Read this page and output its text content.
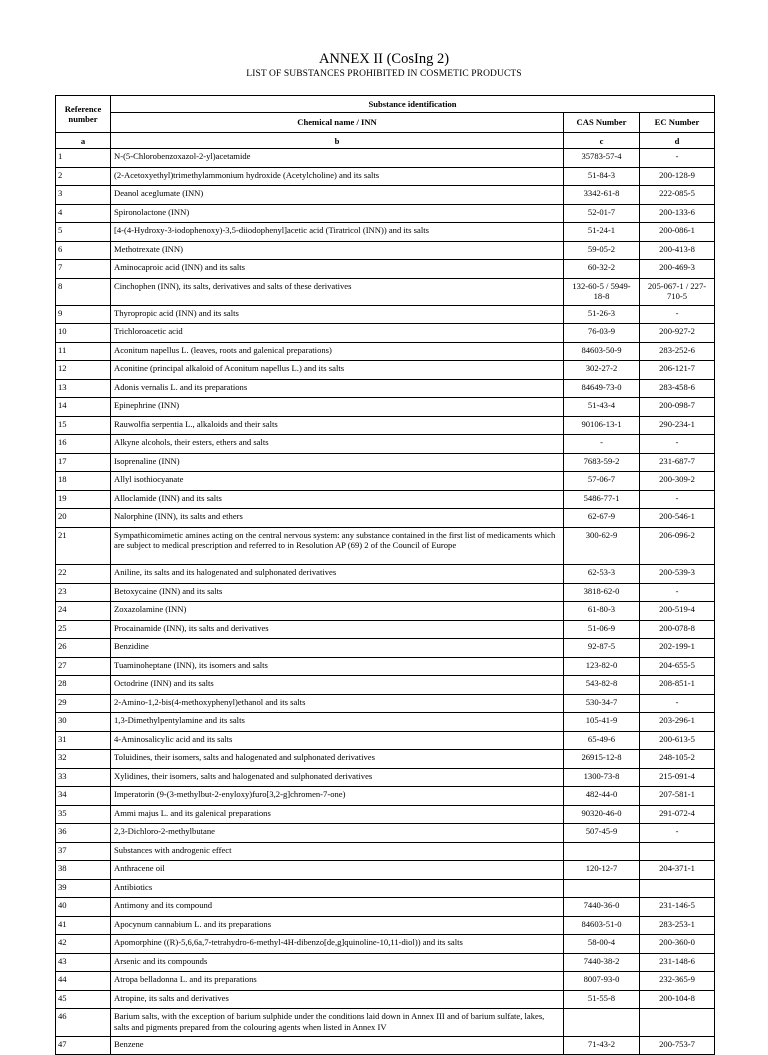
ANNEX II (CosIng 2)
LIST OF SUBSTANCES PROHIBITED IN COSMETIC PRODUCTS
Reference number	Substance identification		
	Chemical name / INN	CAS Number	EC Number
a	b	c	d
1	N-(5-Chlorobenzoxazol-2-yl)acetamide	35783-57-4	-
2	(2-Acetoxyethyl)trimethylammonium hydroxide (Acetylcholine) and its salts	51-84-3	200-128-9
3	Deanol aceglumate (INN)	3342-61-8	222-085-5
4	Spironolactone (INN)	52-01-7	200-133-6
5	[4-(4-Hydroxy-3-iodophenoxy)-3,5-diiodophenyl]acetic acid (Tiratricol (INN)) and its salts	51-24-1	200-086-1
6	Methotrexate (INN)	59-05-2	200-413-8
7	Aminocaproic acid (INN) and its salts	60-32-2	200-469-3
8	Cinchophen (INN), its salts, derivatives and salts of these derivatives	132-60-5 / 5949-18-8	205-067-1 / 227-710-5
9	Thyropropic acid (INN) and its salts	51-26-3	-
10	Trichloroacetic acid	76-03-9	200-927-2
11	Aconitum napellus L. (leaves, roots and galenical preparations)	84603-50-9	283-252-6
12	Aconitine (principal alkaloid of Aconitum napellus L.) and its salts	302-27-2	206-121-7
13	Adonis vernalis L. and its preparations	84649-73-0	283-458-6
14	Epinephrine (INN)	51-43-4	200-098-7
15	Rauwolfia serpentia L., alkaloids and their salts	90106-13-1	290-234-1
16	Alkyne alcohols, their esters, ethers and salts	-	-
17	Isoprenaline (INN)	7683-59-2	231-687-7
18	Allyl isothiocyanate	57-06-7	200-309-2
19	Alloclamide (INN) and its salts	5486-77-1	-
20	Nalorphine (INN), its salts and ethers	62-67-9	200-546-1
21	Sympathicomimetic amines acting on the central nervous system: any substance contained in the first list of medicaments which are subject to medical prescription and referred to in Resolution AP (69) 2 of the Council of Europe	300-62-9	206-096-2
22	Aniline, its salts and its halogenated and sulphonated derivatives	62-53-3	200-539-3
23	Betoxycaine (INN) and its salts	3818-62-0	-
24	Zoxazolamine (INN)	61-80-3	200-519-4
25	Procainamide (INN), its salts and derivatives	51-06-9	200-078-8
26	Benzidine	92-87-5	202-199-1
27	Tuaminoheptane (INN), its isomers and salts	123-82-0	204-655-5
28	Octodrine (INN) and its salts	543-82-8	208-851-1
29	2-Amino-1,2-bis(4-methoxyphenyl)ethanol and its salts	530-34-7	-
30	1,3-Dimethylpentylamine and its salts	105-41-9	203-296-1
31	4-Aminosalicylic acid and its salts	65-49-6	200-613-5
32	Toluidines, their isomers, salts and halogenated and sulphonated derivatives	26915-12-8	248-105-2
33	Xylidines, their isomers, salts and halogenated and sulphonated derivatives	1300-73-8	215-091-4
34	Imperatorin (9-(3-methylbut-2-enyloxy)furo[3,2-g]chromen-7-one)	482-44-0	207-581-1
35	Ammi majus L. and its galenical preparations	90320-46-0	291-072-4
36	2,3-Dichloro-2-methylbutane	507-45-9	-
37	Substances with androgenic effect		
38	Anthracene oil	120-12-7	204-371-1
39	Antibiotics		
40	Antimony and its compound	7440-36-0	231-146-5
41	Apocynum cannabium L. and its preparations	84603-51-0	283-253-1
42	Apomorphine ((R)-5,6,6a,7-tetrahydro-6-methyl-4H-dibenzo[de,g]quinoline-10,11-diol)) and its salts	58-00-4	200-360-0
43	Arsenic and its compounds	7440-38-2	231-148-6
44	Atropa belladonna L. and its preparations	8007-93-0	232-365-9
45	Atropine, its salts and derivatives	51-55-8	200-104-8
46	Barium salts, with the exception of barium sulphide under the conditions laid down in Annex III and of barium sulfate, lakes, salts and pigments prepared from the colouring agents when listed in Annex IV		
47	Benzene	71-43-2	200-753-7
